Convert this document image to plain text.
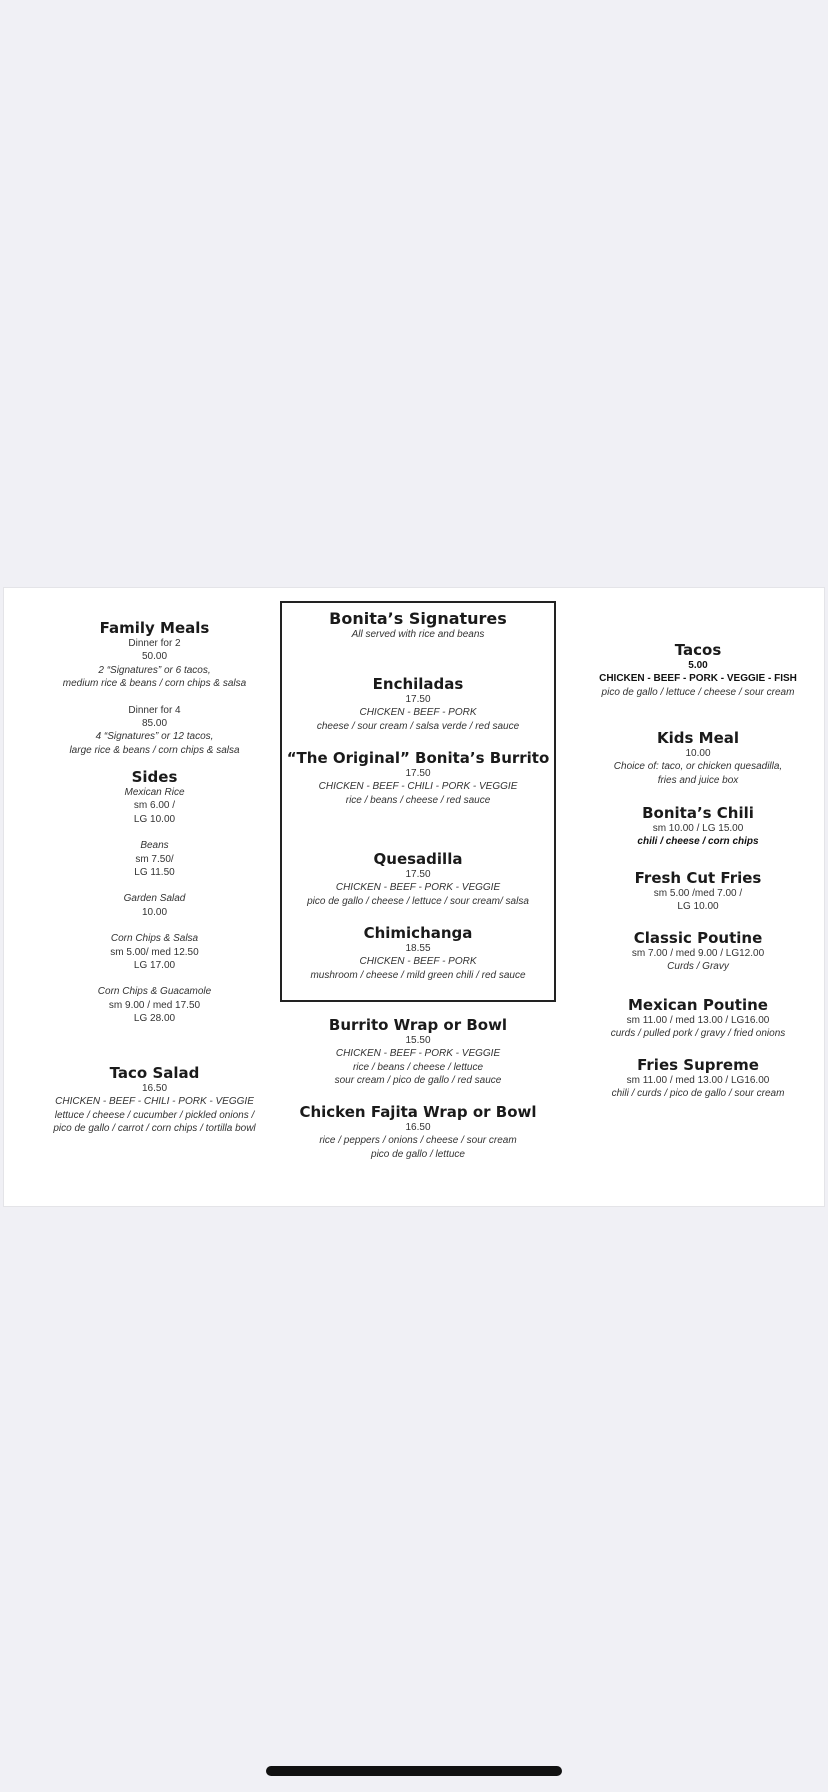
Family Meals
Dinner for 2
50.00
2 “Signatures” or 6 tacos,
medium rice & beans / corn chips & salsa
Dinner for 4
85.00
4 “Signatures” or 12 tacos,
large rice & beans / corn chips & salsa
Sides
Mexican Rice
sm 6.00 /
LG 10.00
Beans
sm 7.50/
LG 11.50
Garden Salad
10.00
Corn Chips & Salsa
sm 5.00/ med 12.50
LG 17.00
Corn Chips & Guacamole
sm 9.00 / med 17.50
LG 28.00
Taco Salad
16.50
CHICKEN - BEEF - CHILI - PORK - VEGGIE
lettuce / cheese / cucumber / pickled onions /
pico de gallo / carrot / corn chips / tortilla bowl
Bonita’s Signatures
All served with rice and beans
Enchiladas
17.50
CHICKEN - BEEF - PORK
cheese / sour cream / salsa verde / red sauce
“The Original” Bonita’s Burrito
17.50
CHICKEN - BEEF - CHILI - PORK - VEGGIE
rice / beans / cheese / red sauce
Quesadilla
17.50
CHICKEN - BEEF - PORK - VEGGIE
pico de gallo / cheese / lettuce / sour cream/ salsa
Chimichanga
18.55
CHICKEN - BEEF - PORK
mushroom / cheese / mild green chili / red sauce
Burrito Wrap or Bowl
15.50
CHICKEN - BEEF - PORK - VEGGIE
rice / beans / cheese / lettuce
sour cream / pico de gallo / red sauce
Chicken Fajita Wrap or Bowl
16.50
rice / peppers / onions / cheese / sour cream
pico de gallo / lettuce
Tacos
5.00
CHICKEN - BEEF - PORK - VEGGIE - FISH
pico de gallo / lettuce / cheese / sour cream
Kids Meal
10.00
Choice of: taco, or chicken quesadilla,
fries and juice box
Bonita’s Chili
sm 10.00 / LG 15.00
chili / cheese / corn chips
Fresh Cut Fries
sm 5.00 /med 7.00 /
LG 10.00
Classic Poutine
sm 7.00 / med 9.00 / LG12.00
Curds / Gravy
Mexican Poutine
sm 11.00 / med 13.00 / LG16.00
curds / pulled pork / gravy / fried onions
Fries Supreme
sm 11.00 / med 13.00 / LG16.00
chili / curds / pico de gallo / sour cream
